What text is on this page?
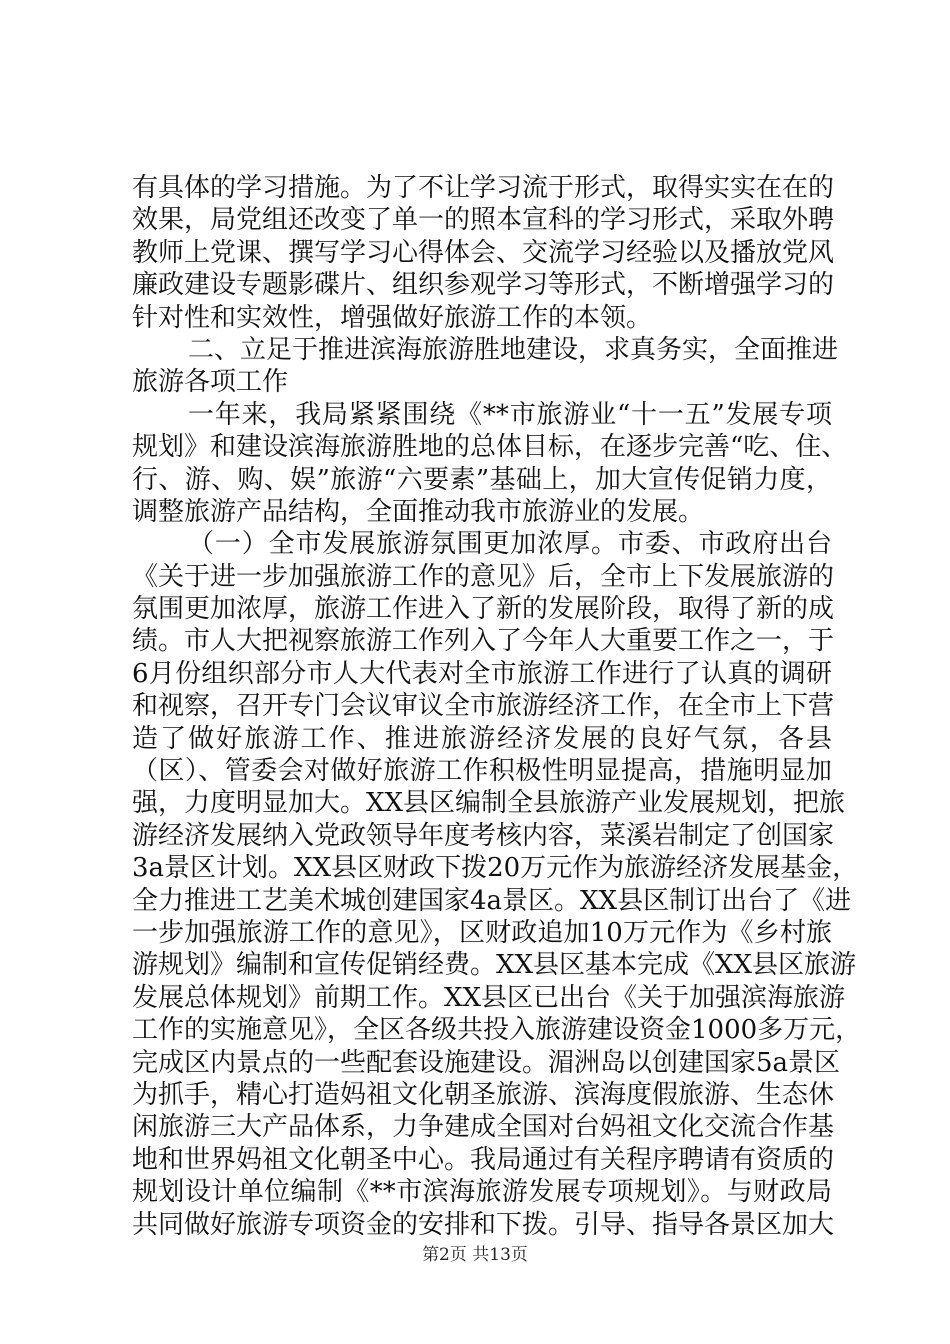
有具体的学习措施。为了不让学习流于形式，取得实实在在的
效果，局党组还改变了单一的照本宣科的学习形式，采取外聘
教师上党课、撰写学习心得体会、交流学习经验以及播放党风
廉政建设专题影碟片、组织参观学习等形式，不断增强学习的
针对性和实效性，增强做好旅游工作的本领。
二、立足于推进滨海旅游胜地建设，求真务实，全面推进
旅游各项工作
一年来，我局紧紧围绕《**市旅游业“十一五”发展专项
规划》和建设滨海旅游胜地的总体目标，在逐步完善“吃、住、
行、游、购、娱”旅游“六要素”基础上，加大宣传促销力度，
调整旅游产品结构，全面推动我市旅游业的发展。
（一）全市发展旅游氛围更加浓厚。市委、市政府出台
《关于进一步加强旅游工作的意见》后，全市上下发展旅游的
氛围更加浓厚，旅游工作进入了新的发展阶段，取得了新的成
绩。市人大把视察旅游工作列入了今年人大重要工作之一，于
6月份组织部分市人大代表对全市旅游工作进行了认真的调研
和视察，召开专门会议审议全市旅游经济工作，在全市上下营
造了做好旅游工作、推进旅游经济发展的良好气氛，各县
（区）、管委会对做好旅游工作积极性明显提高，措施明显加
强，力度明显加大。XX县区编制全县旅游产业发展规划，把旅
游经济发展纳入党政领导年度考核内容，菜溪岩制定了创国家
3a景区计划。XX县区财政下拨20万元作为旅游经济发展基金，
全力推进工艺美术城创建国家4a景区。XX县区制订出台了《进
一步加强旅游工作的意见》，区财政追加10万元作为《乡村旅
游规划》编制和宣传促销经费。XX县区基本完成《XX县区旅游
发展总体规划》前期工作。XX县区已出台《关于加强滨海旅游
工作的实施意见》，全区各级共投入旅游建设资金1000多万元，
完成区内景点的一些配套设施建设。湄洲岛以创建国家5a景区
为抓手，精心打造妈祖文化朝圣旅游、滨海度假旅游、生态休
闲旅游三大产品体系，力争建成全国对台妈祖文化交流合作基
地和世界妈祖文化朝圣中心。我局通过有关程序聘请有资质的
规划设计单位编制《**市滨海旅游发展专项规划》。与财政局
共同做好旅游专项资金的安排和下拨。引导、指导各景区加大
第2页 共13页
